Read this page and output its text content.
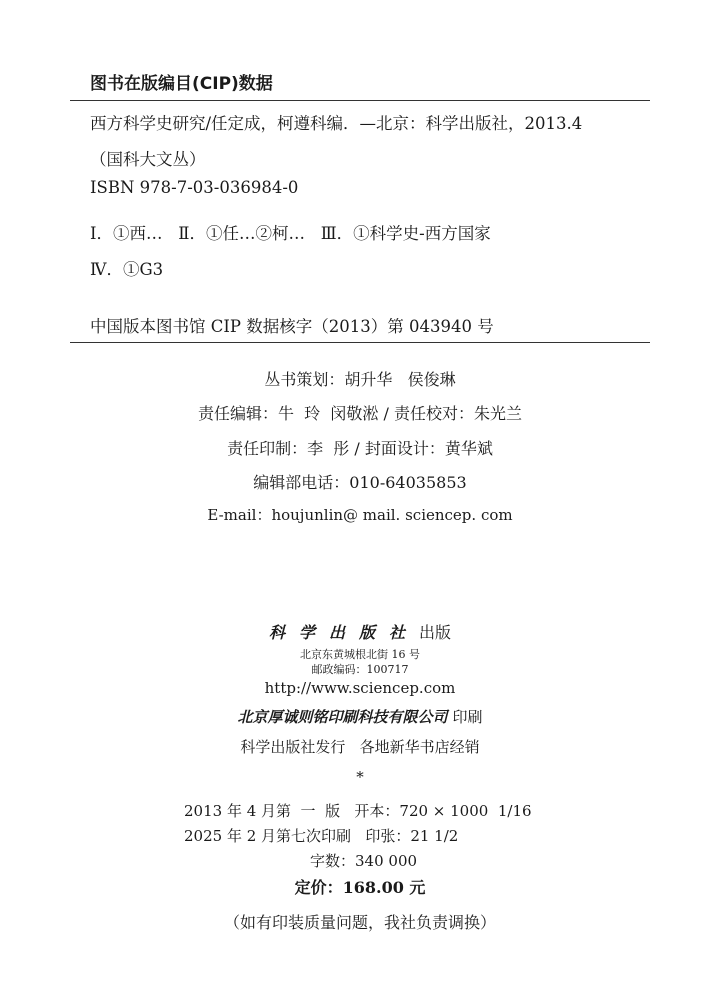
图书在版编目(CIP)数据
西方科学史研究/任定成，柯遵科编．—北京：科学出版社，2013.4
（国科大文丛）
ISBN 978-7-03-036984-0
Ⅰ．①西…   Ⅱ．①任…②柯…   Ⅲ．①科学史-西方国家
Ⅳ．①G3
中国版本图书馆 CIP 数据核字（2013）第 043940 号
丛书策划：胡升华   侯俊琳
责任编辑：牛  玲  闵敬淞 / 责任校对：朱光兰
责任印制：李  彤 / 封面设计：黄华斌
编辑部电话：010-64035853
E-mail：houjunlin@ mail. sciencep. com
科学出版社出版
北京东黄城根北街 16 号
邮政编码：100717
http://www.sciencep.com
北京厚诚则铭印刷科技有限公司 印刷
科学出版社发行   各地新华书店经销
*
2013 年 4 月第  一  版   开本：720 × 1000  1/16
2025 年 2 月第七次印刷   印张：21 1/2
字数：340 000
定价：168.00 元
（如有印装质量问题，我社负责调换）
